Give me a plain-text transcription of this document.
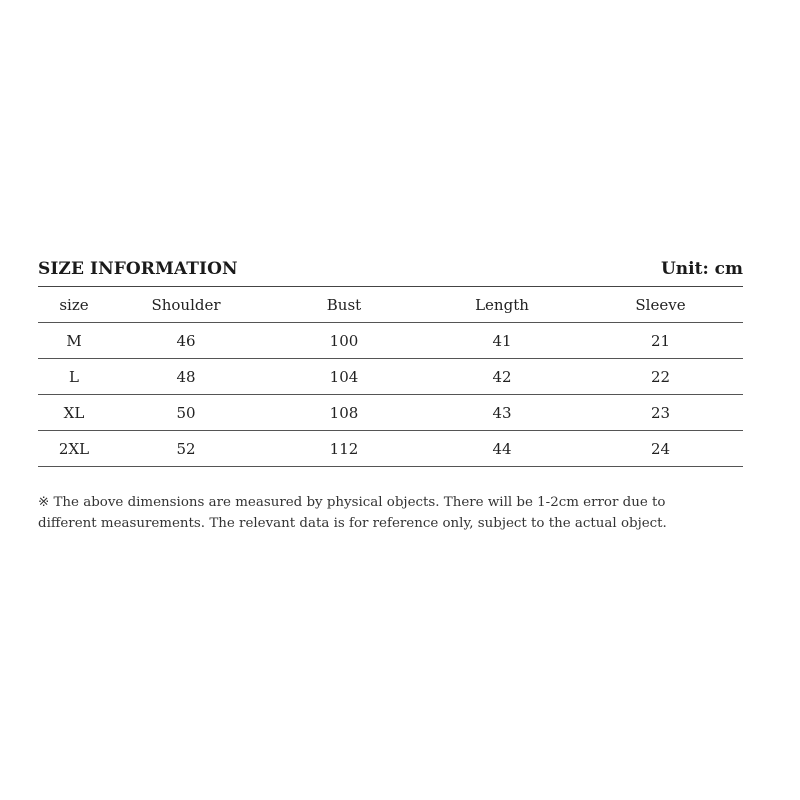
SIZE INFORMATION	Unit: cm
size	Shoulder	Bust	Length	Sleeve
M	46	100	41	21
L	48	104	42	22
XL	50	108	43	23
2XL	52	112	44	24
※ The above dimensions are measured by physical objects. There will be 1-2cm error due to
different measurements. The relevant data is for reference only, subject to the actual object.
